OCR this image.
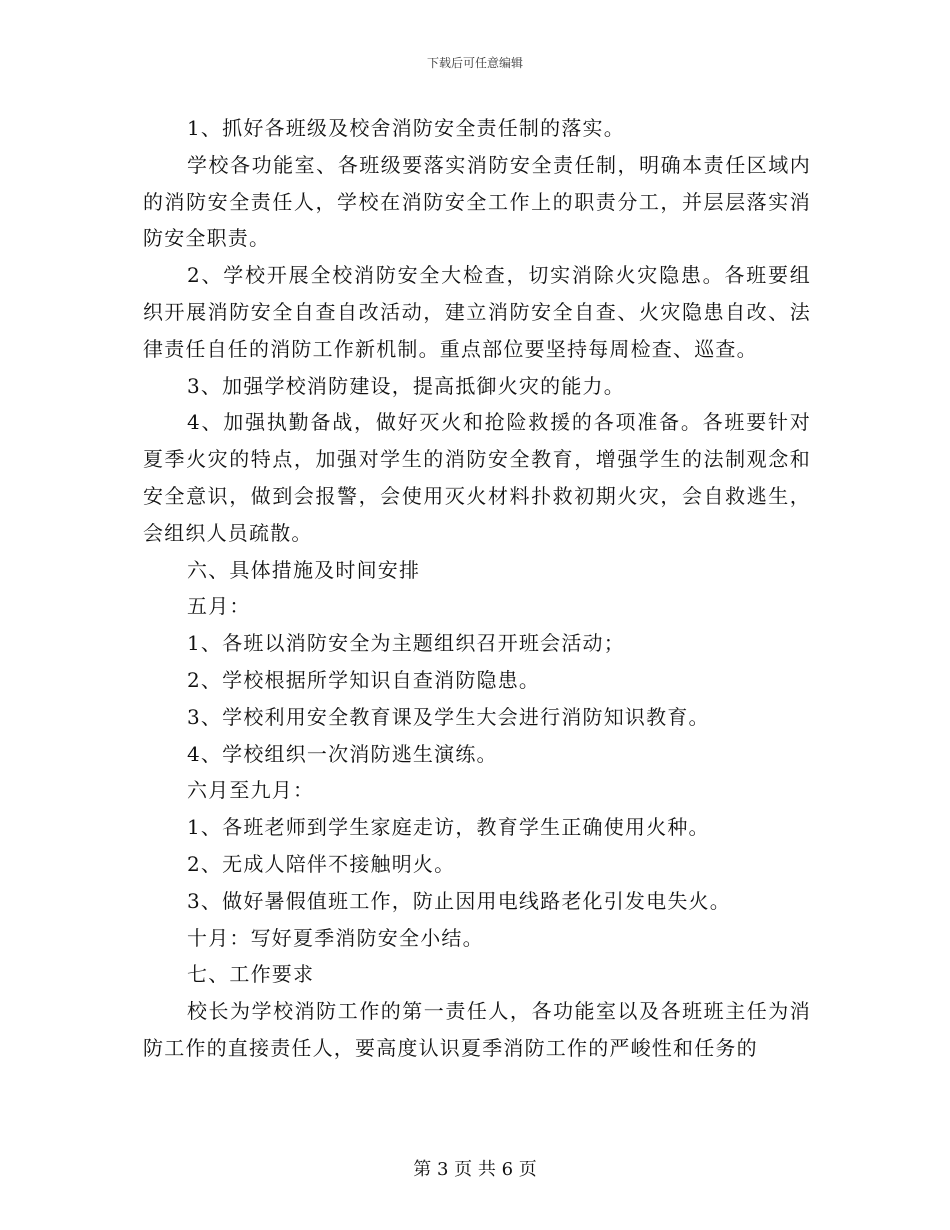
下载后可任意编辑

1、抓好各班级及校舍消防安全责任制的落实。

学校各功能室、各班级要落实消防安全责任制，明确本责任区域内的消防安全责任人，学校在消防安全工作上的职责分工，并层层落实消防安全职责。

2、学校开展全校消防安全大检查，切实消除火灾隐患。各班要组织开展消防安全自查自改活动，建立消防安全自查、火灾隐患自改、法律责任自任的消防工作新机制。重点部位要坚持每周检查、巡查。

3、加强学校消防建设，提高抵御火灾的能力。

4、加强执勤备战，做好灭火和抢险救援的各项准备。各班要针对夏季火灾的特点，加强对学生的消防安全教育，增强学生的法制观念和安全意识，做到会报警，会使用灭火材料扑救初期火灾，会自救逃生，会组织人员疏散。

六、具体措施及时间安排

五月：

1、各班以消防安全为主题组织召开班会活动；

2、学校根据所学知识自查消防隐患。

3、学校利用安全教育课及学生大会进行消防知识教育。

4、学校组织一次消防逃生演练。

六月至九月：

1、各班老师到学生家庭走访，教育学生正确使用火种。

2、无成人陪伴不接触明火。

3、做好暑假值班工作，防止因用电线路老化引发电失火。

十月：写好夏季消防安全小结。

七、工作要求

校长为学校消防工作的第一责任人，各功能室以及各班班主任为消防工作的直接责任人，要高度认识夏季消防工作的严峻性和任务的

第 3 页 共 6 页
